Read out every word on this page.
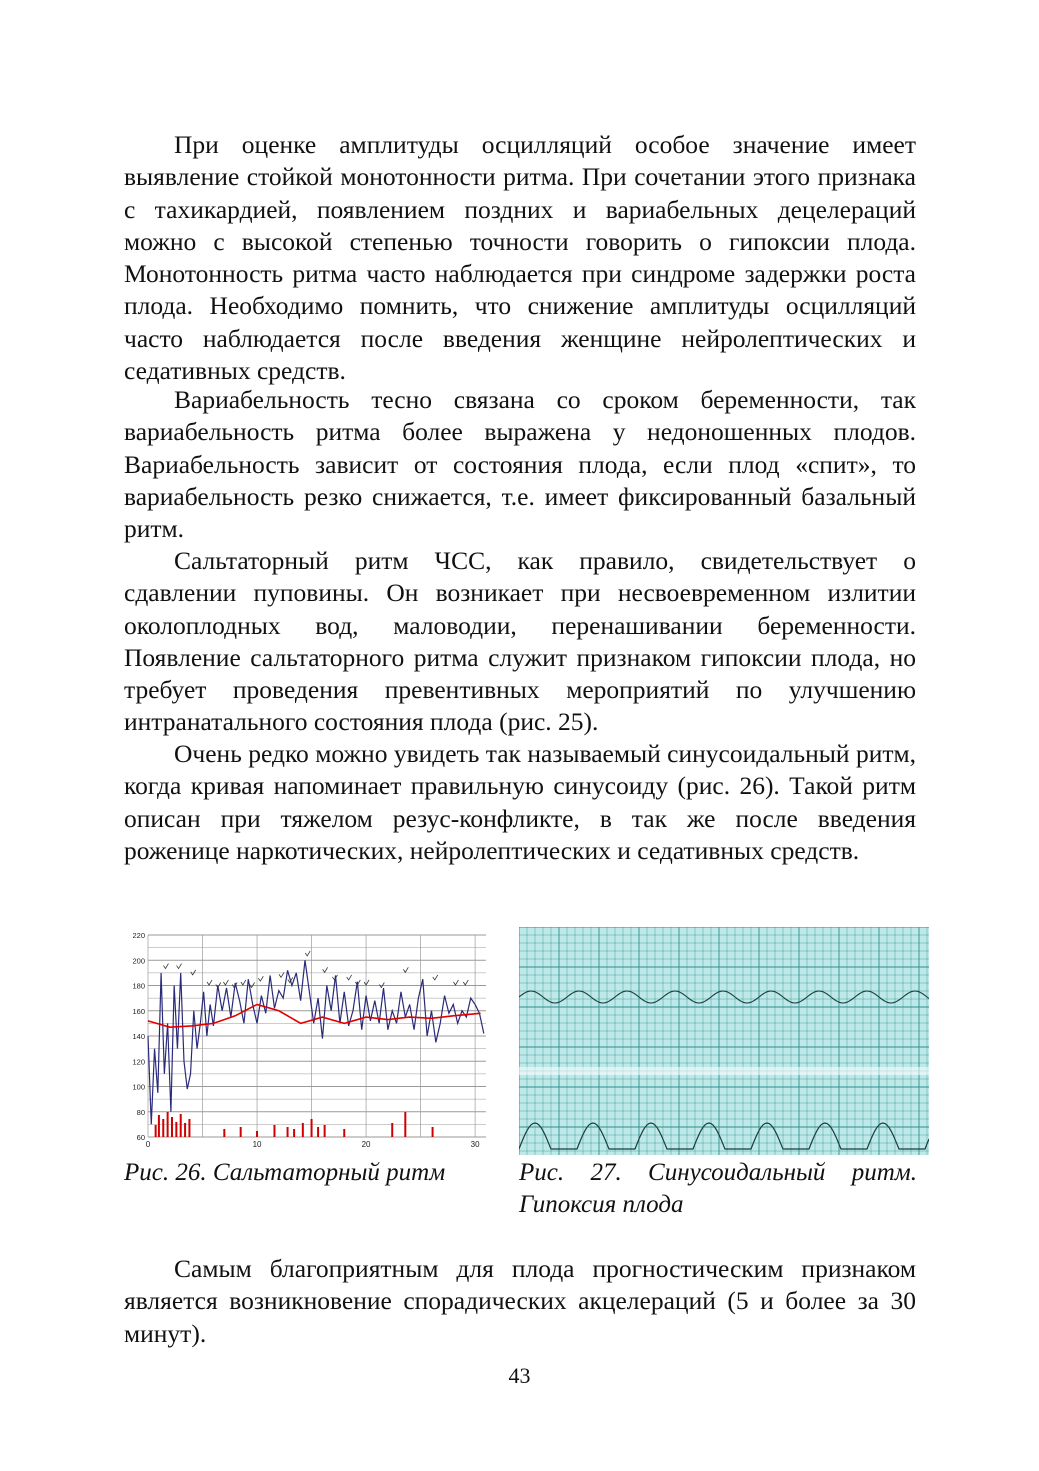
При оценке амплитуды осцилляций особое значение имеет выявление стойкой монотонности ритма. При сочетании этого признака с тахикардией, появлением поздних и вариабельных децeлераций можно с высокой степенью точности говорить о гипоксии плода. Монотонность ритма часто наблюдается при синдроме задержки роста плода. Необходимо помнить, что снижение амплитуды осцилляций часто наблюдается после введения женщине нейролептических и седативных средств.

Вариабельность тесно связана со сроком беременности, так вариабельность ритма более выражена у недоношенных плодов. Вариабельность зависит от состояния плода, если плод «спит», то вариабельность резко снижается, т.е. имеет фиксированный базальный ритм.

Сальтаторный ритм ЧСС, как правило, свидетельствует о сдавлении пуповины. Он возникает при несвоевременном излитии околоплодных вод, маловодии, перенашивании беременности. Появление сальтаторного ритма служит признаком гипоксии плода, но требует проведения превентивных мероприятий по улучшению интранатального состояния плода (рис. 25).

Очень редко можно увидеть так называемый синусоидальный ритм, когда кривая напоминает правильную синусоиду (рис. 26). Такой ритм описан при тяжелом резус-конфликте, в так же после введения роженице наркотических, нейролептических и седативных средств.

220
200
180
160
140
120
100
80
60
0	10	20	30

Рис. 26. Сальтаторный ритм	Рис. 27. Синусоидальный ритм. Гипоксия плода

Самым благоприятным для плода прогностическим признаком является возникновение спорадических акцелераций (5 и более за 30 минут).

43
